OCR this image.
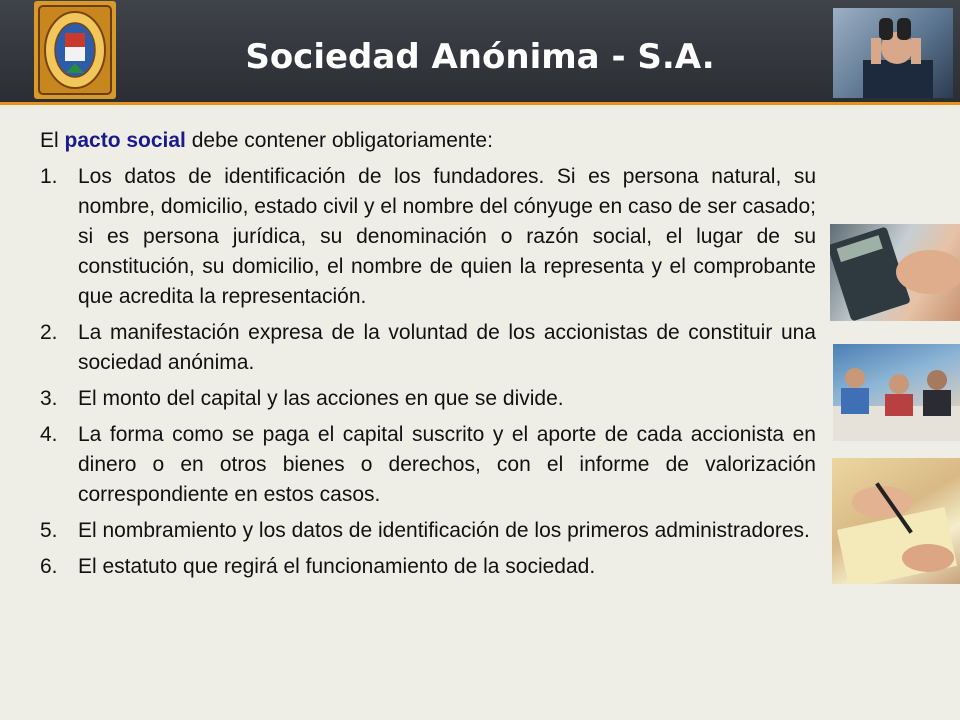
Sociedad Anónima - S.A.

El pacto social debe contener obligatoriamente:

1. Los datos de identificación de los fundadores. Si es persona natural, su nombre, domicilio, estado civil y el nombre del cónyuge en caso de ser casado; si es persona jurídica, su denominación o razón social, el lugar de su constitución, su domicilio, el nombre de quien la representa y el comprobante que acredita la representación.
2. La manifestación expresa de la voluntad de los accionistas de constituir una sociedad anónima.
3. El monto del capital y las acciones en que se divide.
4. La forma como se paga el capital suscrito y el aporte de cada accionista en dinero o en otros bienes o derechos, con el informe de valorización correspondiente en estos casos.
5. El nombramiento y los datos de identificación de los primeros administradores.
6. El estatuto que regirá el funcionamiento de la sociedad.
